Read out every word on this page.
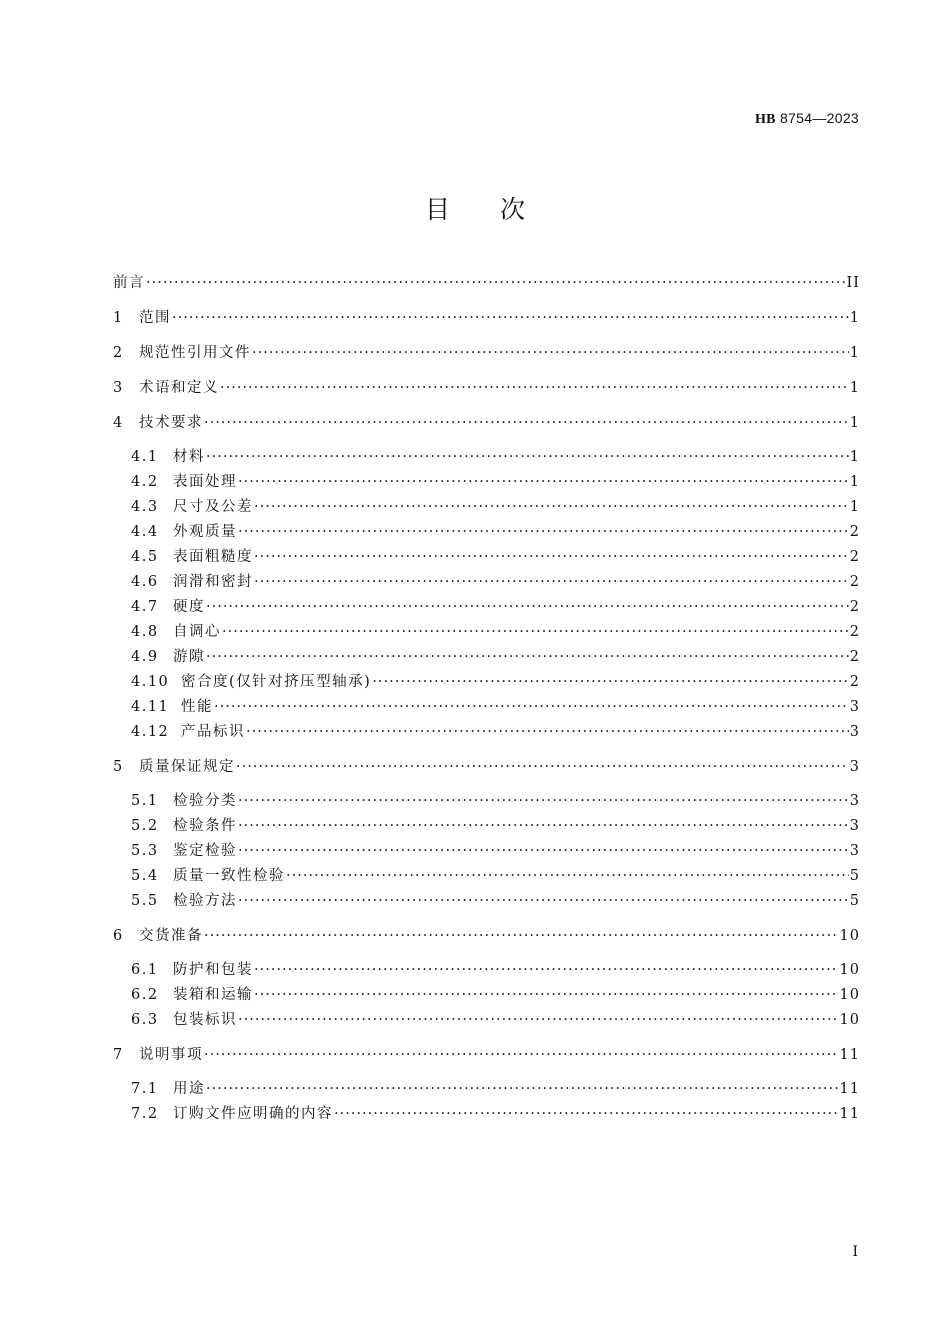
HB 8754—2023
目次
前言 ·····	II
1	范围 ·····	1
2	规范性引用文件 ·····	1
3	术语和定义 ·····	1
4	技术要求 ·····	1
4.1 材料 ·····	1
4.2 表面处理 ·····	1
4.3 尺寸及公差 ·····	1
4.4 外观质量 ·····	2
4.5 表面粗糙度 ·····	2
4.6 润滑和密封 ·····	2
4.7 硬度 ·····	2
4.8 自调心 ·····	2
4.9 游隙 ·····	2
4.10 密合度(仅针对挤压型轴承) ·····	2
4.11 性能 ·····	3
4.12 产品标识 ·····	3
5	质量保证规定 ·····	3
5.1 检验分类 ·····	3
5.2 检验条件 ·····	3
5.3 鉴定检验 ·····	3
5.4 质量一致性检验 ·····	5
5.5 检验方法 ·····	5
6	交货准备 ·····	10
6.1 防护和包装 ·····	10
6.2 装箱和运输 ·····	10
6.3 包装标识 ·····	10
7	说明事项 ·····	11
7.1 用途 ·····	11
7.2 订购文件应明确的内容 ·····	11
I
